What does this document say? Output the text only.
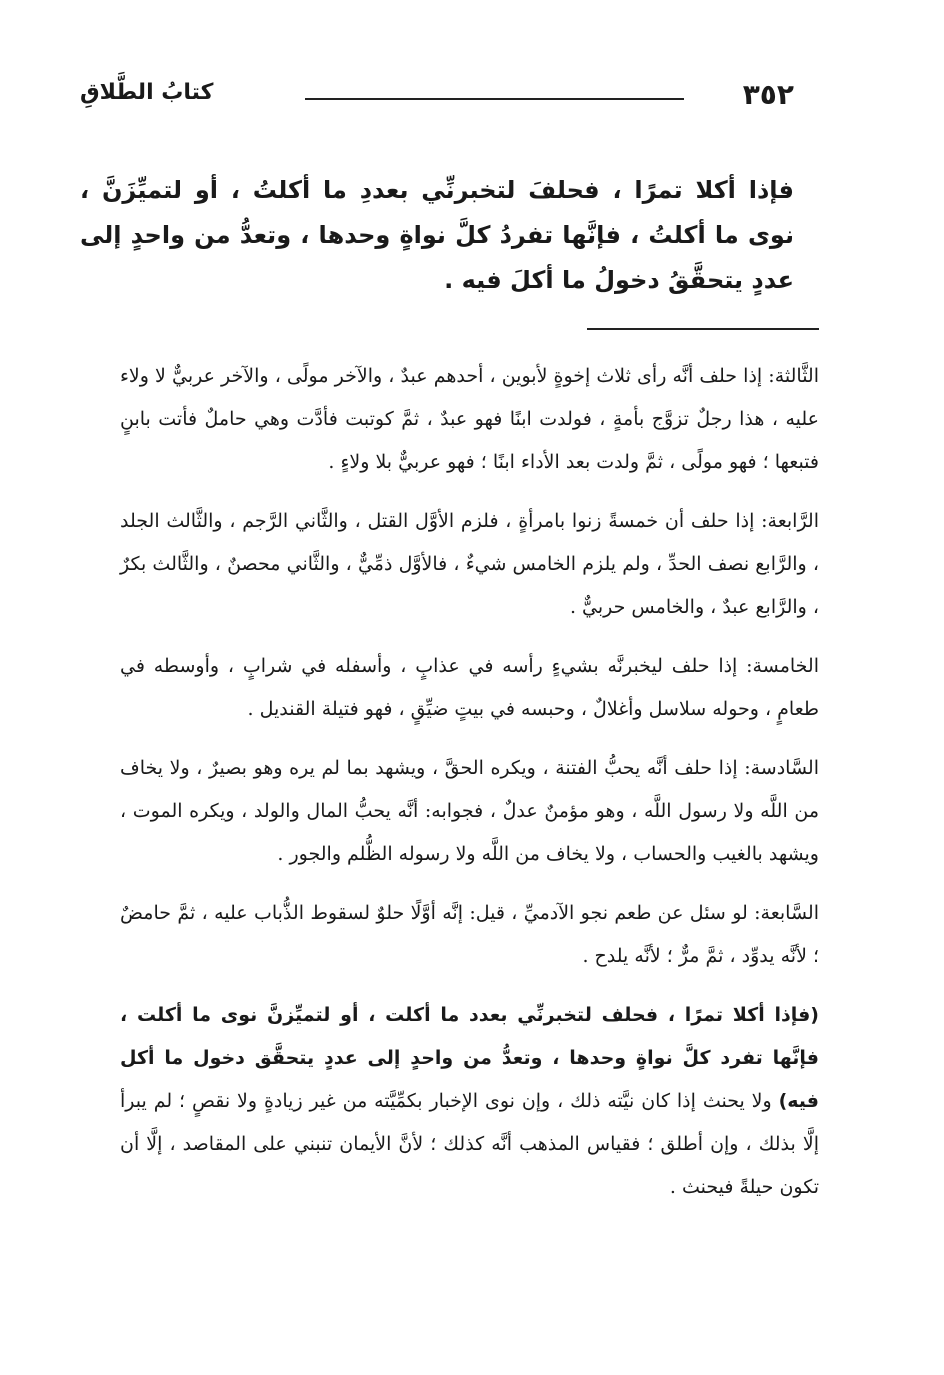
٣٥٢
كتابُ الطَّلاقِ

فإذا أكلا تمرًا ، فحلفَ لتخبرنِّي بعددِ ما أكلتُ ، أو لتميِّزَنَّ ، نوى ما أكلتُ ، فإنَّها تفردُ كلَّ نواةٍ وحدها ، وتعدُّ من واحدٍ إلى عددٍ يتحقَّقُ دخولُ ما أكلَ فيه .

الثَّالثة: إذا حلف أنَّه رأى ثلاث إخوةٍ لأبوين ، أحدهم عبدٌ ، والآخر مولًى ، والآخر عربيٌّ لا ولاء عليه ، هذا رجلٌ تزوَّج بأمةٍ ، فولدت ابنًا فهو عبدٌ ، ثمَّ كوتبت فأدَّت وهي حاملٌ فأتت بابنٍ فتبعها ؛ فهو مولًى ، ثمَّ ولدت بعد الأداء ابنًا ؛ فهو عربيٌّ بلا ولاءٍ .

الرَّابعة: إذا حلف أن خمسةً زنوا بامرأةٍ ، فلزم الأوَّل القتل ، والثَّاني الرَّجم ، والثَّالث الجلد ، والرَّابع نصف الحدِّ ، ولم يلزم الخامس شيءٌ ، فالأوَّل ذمِّيٌّ ، والثَّاني محصنٌ ، والثَّالث بكرٌ ، والرَّابع عبدٌ ، والخامس حربيٌّ .

الخامسة: إذا حلف ليخبرنَّه بشيءٍ رأسه في عذابٍ ، وأسفله في شرابٍ ، وأوسطه في طعامٍ ، وحوله سلاسل وأغلالٌ ، وحبسه في بيتٍ ضيِّقٍ ، فهو فتيلة القنديل .

السَّادسة: إذا حلف أنَّه يحبُّ الفتنة ، ويكره الحقَّ ، ويشهد بما لم يره وهو بصيرٌ ، ولا يخاف من اللَّه ولا رسول اللَّه ، وهو مؤمنٌ عدلٌ ، فجوابه: أنَّه يحبُّ المال والولد ، ويكره الموت ، ويشهد بالغيب والحساب ، ولا يخاف من اللَّه ولا رسوله الظُّلم والجور .

السَّابعة: لو سئل عن طعم نجو الآدميِّ ، قيل: إنَّه أوَّلًا حلوٌ لسقوط الذُّباب عليه ، ثمَّ حامضٌ ؛ لأنَّه يدوِّد ، ثمَّ مرٌّ ؛ لأنَّه يلدح .

(فإذا أكلا تمرًا ، فحلف لتخبرنِّي بعدد ما أكلت ، أو لتميِّزنَّ نوى ما أكلت ، فإنَّها تفرد كلَّ نواةٍ وحدها ، وتعدُّ من واحدٍ إلى عددٍ يتحقَّق دخول ما أكل فيه) ولا يحنث إذا كان نيَّته ذلك ، وإن نوى الإخبار بكمِّيَّته من غير زيادةٍ ولا نقصٍ ؛ لم يبرأ إلَّا بذلك ، وإن أطلق ؛ فقياس المذهب أنَّه كذلك ؛ لأنَّ الأيمان تنبني على المقاصد ، إلَّا أن تكون حيلةً فيحنث .
